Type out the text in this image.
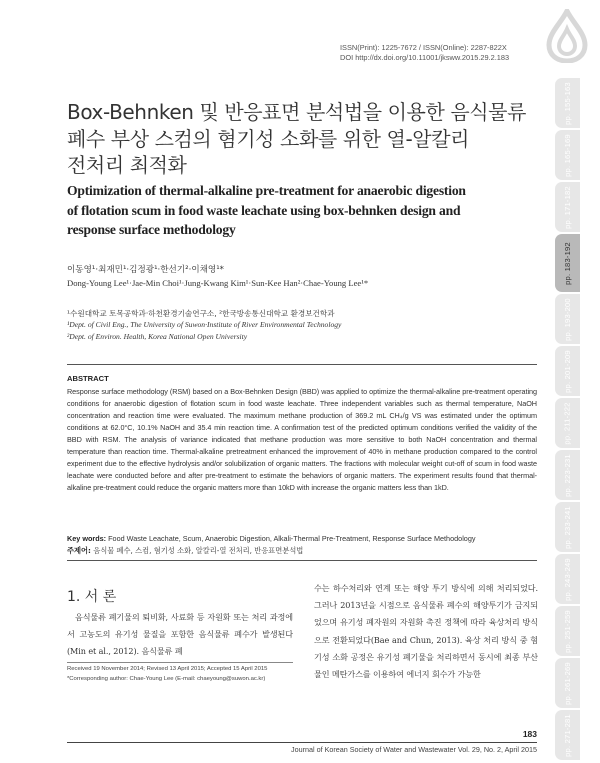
ISSN(Print): 1225-7672 / ISSN(Online): 2287-822X
DOI http://dx.doi.org/10.11001/jksww.2015.29.2.183
Box-Behnken 및 반응표면 분석법을 이용한 음식물류
폐수 부상 스컴의 혐기성 소화를 위한 열-알칼리
전처리 최적화
Optimization of thermal-alkaline pre-treatment for anaerobic digestion
of flotation scum in food waste leachate using box-behnken design and
response surface methodology
이동영¹·최재민¹·김정광¹·한선기²·이채영¹*
Dong-Young Lee¹·Jae-Min Choi¹·Jung-Kwang Kim¹·Sun-Kee Han²·Chae-Young Lee¹*
¹수원대학교 토목공학과·하천환경기술연구소, ²한국방송통신대학교 환경보건학과
¹Dept. of Civil Eng., The University of Suwon·Institute of River Environmental Technology
²Dept. of Environ. Health, Korea National Open University
ABSTRACT
Response surface methodology (RSM) based on a Box-Behnken Design (BBD) was applied to optimize the thermal-alkaline pre-treatment operating conditions for anaerobic digestion of flotation scum in food waste leachate. Three independent variables such as thermal temperature, NaOH concentration and reaction time were evaluated. The maximum methane production of 369.2 mL CH₄/g VS was estimated under the optimum conditions at 62.0°C, 10.1% NaOH and 35.4 min reaction time. A confirmation test of the predicted optimum conditions verified the validity of the BBD with RSM. The analysis of variance indicated that methane production was more sensitive to both NaOH concentration and thermal temperature than reaction time. Thermal-alkaline pretreatment enhanced the improvement of 40% in methane production compared to the control experiment due to the effective hydrolysis and/or solubilization of organic matters. The fractions with molecular weight cut-off of scum in food waste leachate were conducted before and after pre-treatment to estimate the behaviors of organic matters. The experiment results found that thermal-alkaline pre-treatment could reduce the organic matters more than 10kD with increase the organic matters less than 1kD.
Key words: Food Waste Leachate, Scum, Anaerobic Digestion, Alkali-Thermal Pre-Treatment, Response Surface Methodology
주제어: 음식물 폐수, 스컴, 혐기성 소화, 알칼리-열 전처리, 반응표면분석법
1. 서 론

음식물류 폐기물의 퇴비화, 사료화 등 자원화 또는 처리 과정에서 고농도의 유기성 물질을 포함한 음식물류 폐수가 발생된다(Min et al., 2012). 음식물류 폐

수는 하수처리와 연계 또는 해양 투기 방식에 의해 처리되었다. 그러나 2013년을 시점으로 음식물류 폐수의 해양투기가 금지되었으며 유기성 폐자원의 자원화 촉진 정책에 따라 육상처리 방식으로 전환되었다(Bae and Chun, 2013). 육상 처리 방식 중 혐기성 소화 공정은 유기성 폐기물을 처리하면서 동시에 최종 부산물인 메탄가스를 이용하여 에너지 회수가 가능한

Received 19 November 2014; Revised 13 April 2015; Accepted 15 April 2015
*Corresponding author: Chae-Young Lee (E-mail: chaeyoung@suwon.ac.kr)
183
Journal of Korean Society of Water and Wastewater Vol. 29, No. 2, April 2015
pp. 155-163
pp. 165-169
pp. 171-182
pp. 183-192
pp. 193-200
pp. 201-209
pp. 211-222
pp. 223-231
pp. 233-241
pp. 243-249
pp. 251-259
pp. 261-269
pp. 271-281
